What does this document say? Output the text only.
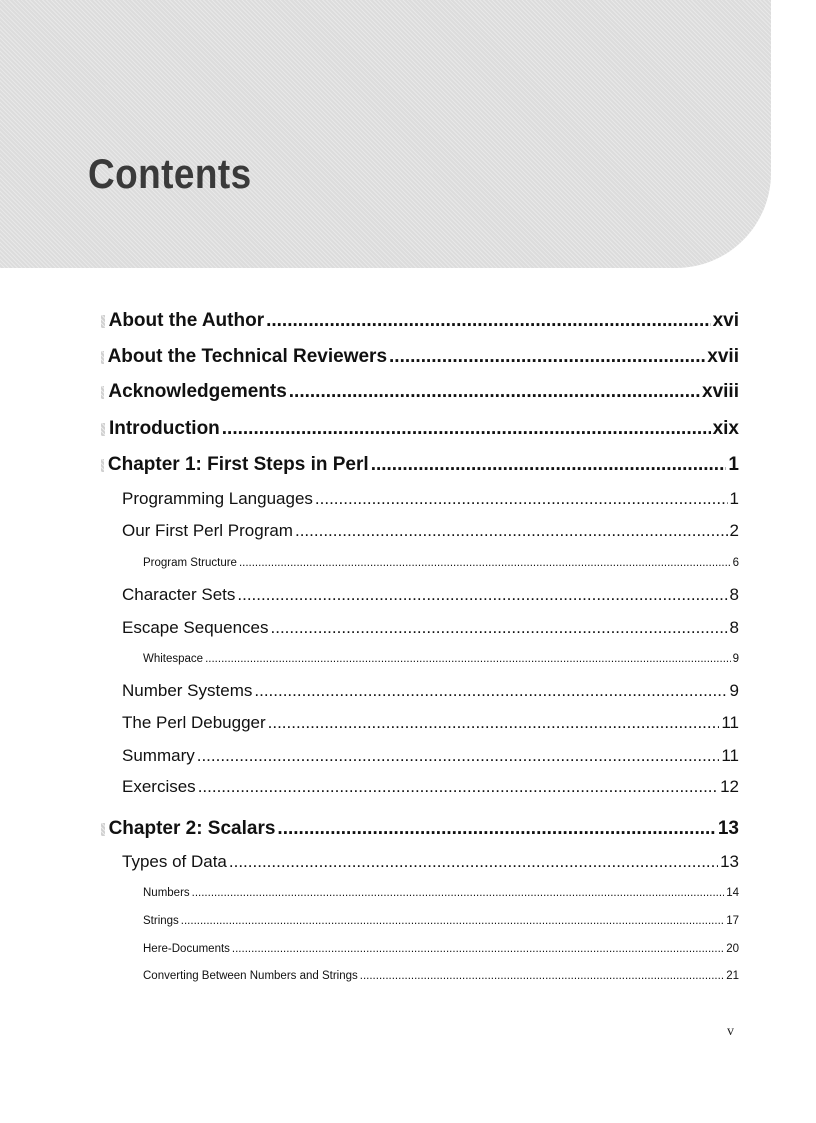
Contents
About the Author .....	xvi
About the Technical Reviewers .....	xvii
Acknowledgements .....	xviii
Introduction .....	xix
Chapter 1: First Steps in Perl .....	1
Programming Languages .....	1
Our First Perl Program .....	2
Program Structure .....	6
Character Sets .....	8
Escape Sequences .....	8
Whitespace .....	9
Number Systems .....	9
The Perl Debugger .....	11
Summary .....	11
Exercises .....	12
Chapter 2: Scalars .....	13
Types of Data .....	13
Numbers .....	14
Strings .....	17
Here-Documents .....	20
Converting Between Numbers and Strings .....	21

v
